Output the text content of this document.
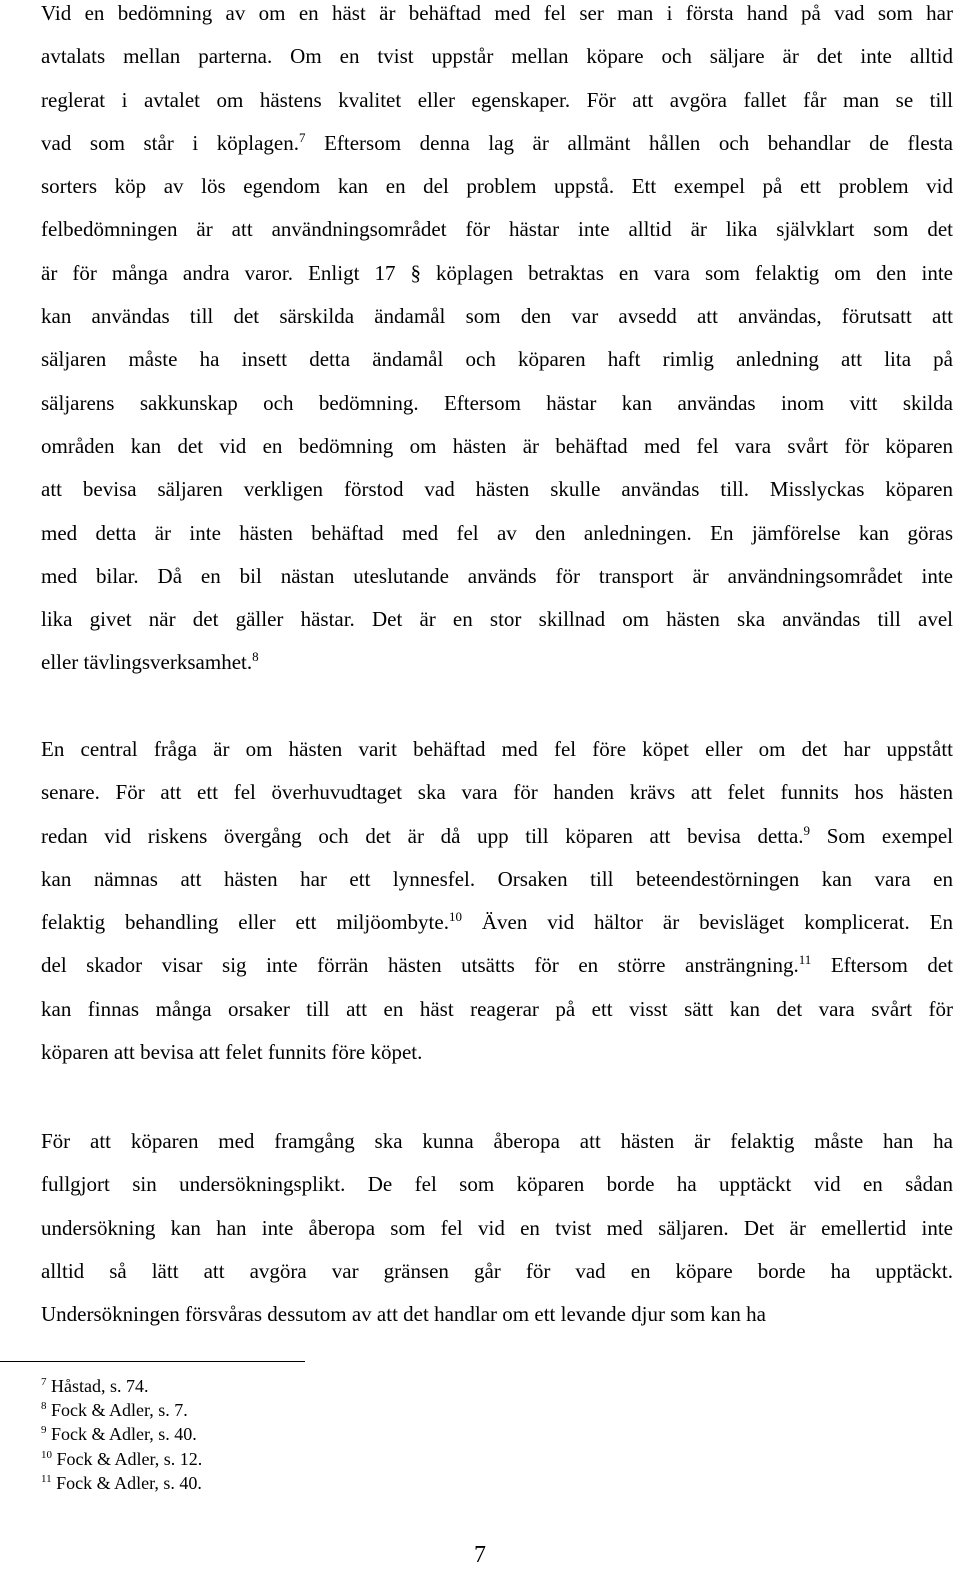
Vid en bedömning av om en häst är behäftad med fel ser man i första hand på vad som har
avtalats mellan parterna. Om en tvist uppstår mellan köpare och säljare är det inte alltid
reglerat i avtalet om hästens kvalitet eller egenskaper. För att avgöra fallet får man se till
vad som står i köplagen.$^7$ Eftersom denna lag är allmänt hållen och behandlar de flesta
sorters köp av lös egendom kan en del problem uppstå. Ett exempel på ett problem vid
felbedömningen är att användningsområdet för hästar inte alltid är lika självklart som det
är för många andra varor. Enligt 17 § köplagen betraktas en vara som felaktig om den inte
kan användas till det särskilda ändamål som den var avsedd att användas, förutsatt att
säljaren måste ha insett detta ändamål och köparen haft rimlig anledning att lita på
säljarens sakkunskap och bedömning. Eftersom hästar kan användas inom vitt skilda
områden kan det vid en bedömning om hästen är behäftad med fel vara svårt för köparen
att bevisa säljaren verkligen förstod vad hästen skulle användas till. Misslyckas köparen
med detta är inte hästen behäftad med fel av den anledningen. En jämförelse kan göras
med bilar. Då en bil nästan uteslutande används för transport är användningsområdet inte
lika givet när det gäller hästar. Det är en stor skillnad om hästen ska användas till avel
eller tävlingsverksamhet.$^8$
En central fråga är om hästen varit behäftad med fel före köpet eller om det har uppstått
senare. För att ett fel överhuvudtaget ska vara för handen krävs att felet funnits hos hästen
redan vid riskens övergång och det är då upp till köparen att bevisa detta.$^9$ Som exempel
kan nämnas att hästen har ett lynnesfel. Orsaken till beteendestörningen kan vara en
felaktig behandling eller ett miljöombyte.$^{10}$ Även vid hältor är bevisläget komplicerat. En
del skador visar sig inte förrän hästen utsätts för en större ansträngning.$^{11}$ Eftersom det
kan finnas många orsaker till att en häst reagerar på ett visst sätt kan det vara svårt för
köparen att bevisa att felet funnits före köpet.
För att köparen med framgång ska kunna åberopa att hästen är felaktig måste han ha
fullgjort sin undersökningsplikt. De fel som köparen borde ha upptäckt vid en sådan
undersökning kan han inte åberopa som fel vid en tvist med säljaren. Det är emellertid inte
alltid så lätt att avgöra var gränsen går för vad en köpare borde ha upptäckt.
Undersökningen försvåras dessutom av att det handlar om ett levande djur som kan ha
$^7$ Håstad, s. 74.
$^8$ Fock & Adler, s. 7.
$^9$ Fock & Adler, s. 40.
$^{10}$ Fock & Adler, s. 12.
$^{11}$ Fock & Adler, s. 40.
7
